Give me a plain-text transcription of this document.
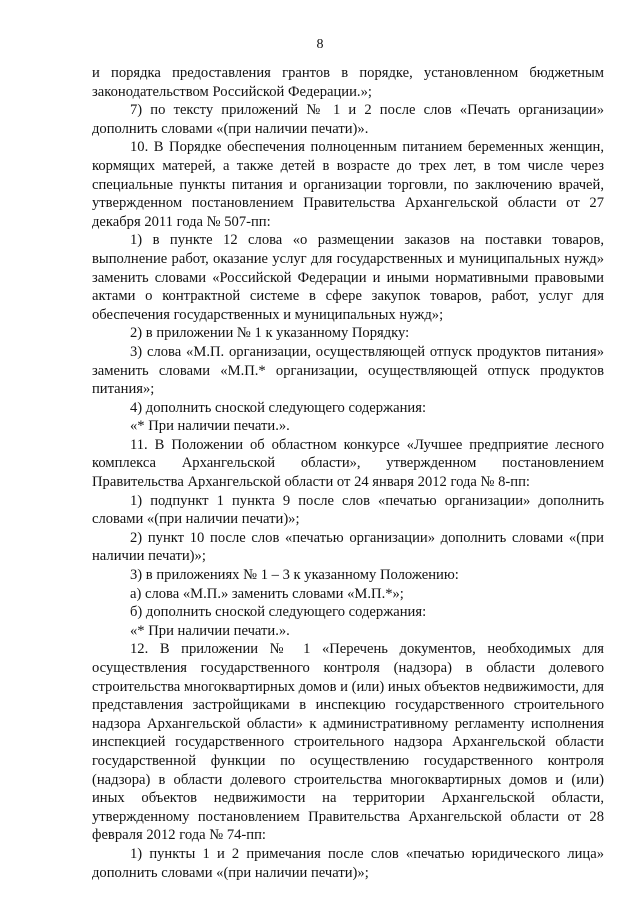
8

и порядка предоставления грантов в порядке, установленном бюджетным законодательством Российской Федерации.»;

7) по тексту приложений № 1 и 2 после слов «Печать организации» дополнить словами «(при наличии печати)».

10. В Порядке обеспечения полноценным питанием беременных женщин, кормящих матерей, а также детей в возрасте до трех лет, в том числе через специальные пункты питания и организации торговли, по заключению врачей, утвержденном постановлением Правительства Архангельской области от 27 декабря 2011 года № 507-пп:

1) в пункте 12 слова «о размещении заказов на поставки товаров, выполнение работ, оказание услуг для государственных и муниципальных нужд» заменить словами «Российской Федерации и иными нормативными правовыми актами о контрактной системе в сфере закупок товаров, работ, услуг для обеспечения государственных и муниципальных нужд»;

2) в приложении № 1 к указанному Порядку:

3) слова «М.П. организации, осуществляющей отпуск продуктов питания» заменить словами «М.П.* организации, осуществляющей отпуск продуктов питания»;

4) дополнить сноской следующего содержания:

«* При наличии печати.».

11. В Положении об областном конкурсе «Лучшее предприятие лесного комплекса Архангельской области», утвержденном постановлением Правительства Архангельской области от 24 января 2012 года № 8-пп:

1) подпункт 1 пункта 9 после слов «печатью организации» дополнить словами «(при наличии печати)»;

2) пункт 10 после слов «печатью организации» дополнить словами «(при наличии печати)»;

3) в приложениях № 1 – 3 к указанному Положению:

а) слова «М.П.» заменить словами «М.П.*»;

б) дополнить сноской следующего содержания:

«* При наличии печати.».

12. В приложении № 1 «Перечень документов, необходимых для осуществления государственного контроля (надзора) в области долевого строительства многоквартирных домов и (или) иных объектов недвижимости, для представления застройщиками в инспекцию государственного строительного надзора Архангельской области» к административному регламенту исполнения инспекцией государственного строительного надзора Архангельской области государственной функции по осуществлению государственного контроля (надзора) в области долевого строительства многоквартирных домов и (или) иных объектов недвижимости на территории Архангельской области, утвержденному постановлением Правительства Архангельской области от 28 февраля 2012 года № 74-пп:

1) пункты 1 и 2 примечания после слов «печатью юридического лица» дополнить словами «(при наличии печати)»;
